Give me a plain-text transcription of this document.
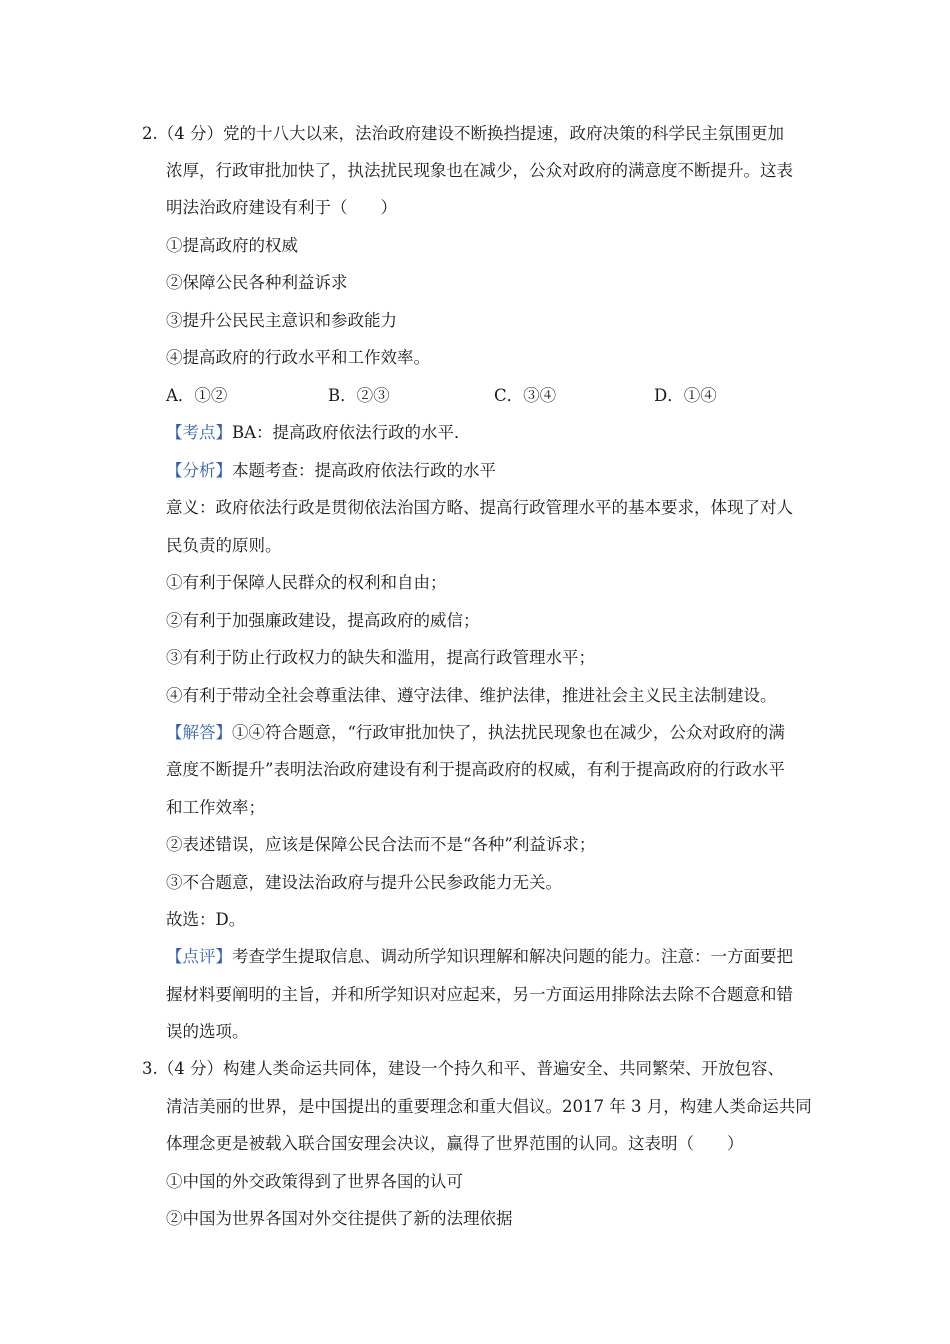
2.（4 分）党的十八大以来，法治政府建设不断换挡提速，政府决策的科学民主氛围更加
浓厚，行政审批加快了，执法扰民现象也在减少，公众对政府的满意度不断提升。这表
明法治政府建设有利于（　　）
①提高政府的权威
②保障公民各种利益诉求
③提升公民民主意识和参政能力
④提高政府的行政水平和工作效率。
A．①②	B．②③	C．③④	D．①④
【考点】BA：提高政府依法行政的水平．
【分析】本题考查：提高政府依法行政的水平
意义：政府依法行政是贯彻依法治国方略、提高行政管理水平的基本要求，体现了对人
民负责的原则。
①有利于保障人民群众的权利和自由；
②有利于加强廉政建设，提高政府的威信；
③有利于防止行政权力的缺失和滥用，提高行政管理水平；
④有利于带动全社会尊重法律、遵守法律、维护法律，推进社会主义民主法制建设。
【解答】①④符合题意，“行政审批加快了，执法扰民现象也在减少，公众对政府的满
意度不断提升”表明法治政府建设有利于提高政府的权威，有利于提高政府的行政水平
和工作效率；
②表述错误，应该是保障公民合法而不是“各种”利益诉求；
③不合题意，建设法治政府与提升公民参政能力无关。
故选：D。
【点评】考查学生提取信息、调动所学知识理解和解决问题的能力。注意：一方面要把
握材料要阐明的主旨，并和所学知识对应起来，另一方面运用排除法去除不合题意和错
误的选项。
3.（4 分）构建人类命运共同体，建设一个持久和平、普遍安全、共同繁荣、开放包容、
清洁美丽的世界，是中国提出的重要理念和重大倡议。2017 年 3 月，构建人类命运共同
体理念更是被载入联合国安理会决议，赢得了世界范围的认同。这表明（　　）
①中国的外交政策得到了世界各国的认可
②中国为世界各国对外交往提供了新的法理依据
